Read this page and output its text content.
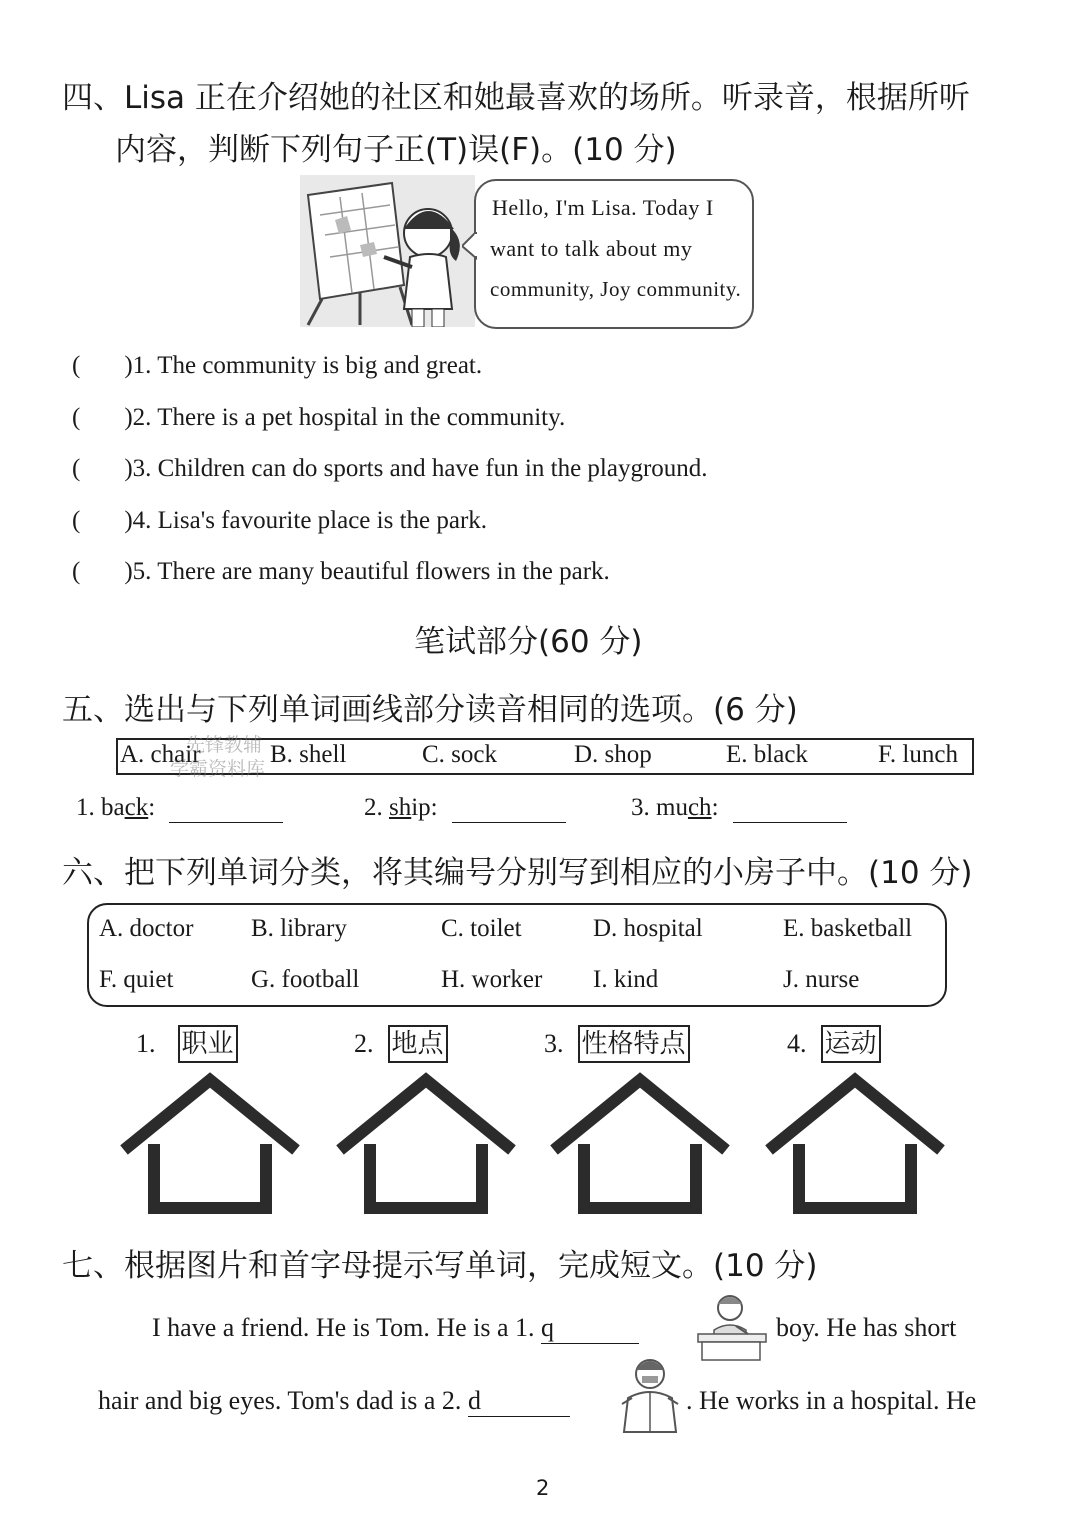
四、Lisa 正在介绍她的社区和她最喜欢的场所。听录音，根据所听
内容，判断下列句子正(T)误(F)。(10 分)
Hello, I'm Lisa. Today I
want to talk about my
community, Joy community.
( )1. The community is big and great.
( )2. There is a pet hospital in the community.
( )3. Children can do sports and have fun in the playground.
( )4. Lisa's favourite place is the park.
( )5. There are many beautiful flowers in the park.
笔试部分(60 分)
五、选出与下列单词画线部分读音相同的选项。(6 分)
A. chair	B. shell	C. sock	D. shop	E. black	F. lunch
先锋教辅
学霸资料库
1. back:	2. ship:	3. much:
六、把下列单词分类，将其编号分别写到相应的小房子中。(10 分)
A. doctor B. library	C. toilet	D. hospital	E. basketball
F. quiet	G. football	H. worker I. kind	J. nurse
1. 职业	2. 地点	3. 性格特点	4. 运动
七、根据图片和首字母提示写单词，完成短文。(10 分)
I have a friend. He is Tom. He is a 1. q	boy. He has short
hair and big eyes. Tom's dad is a 2. d	. He works in a hospital. He
2
